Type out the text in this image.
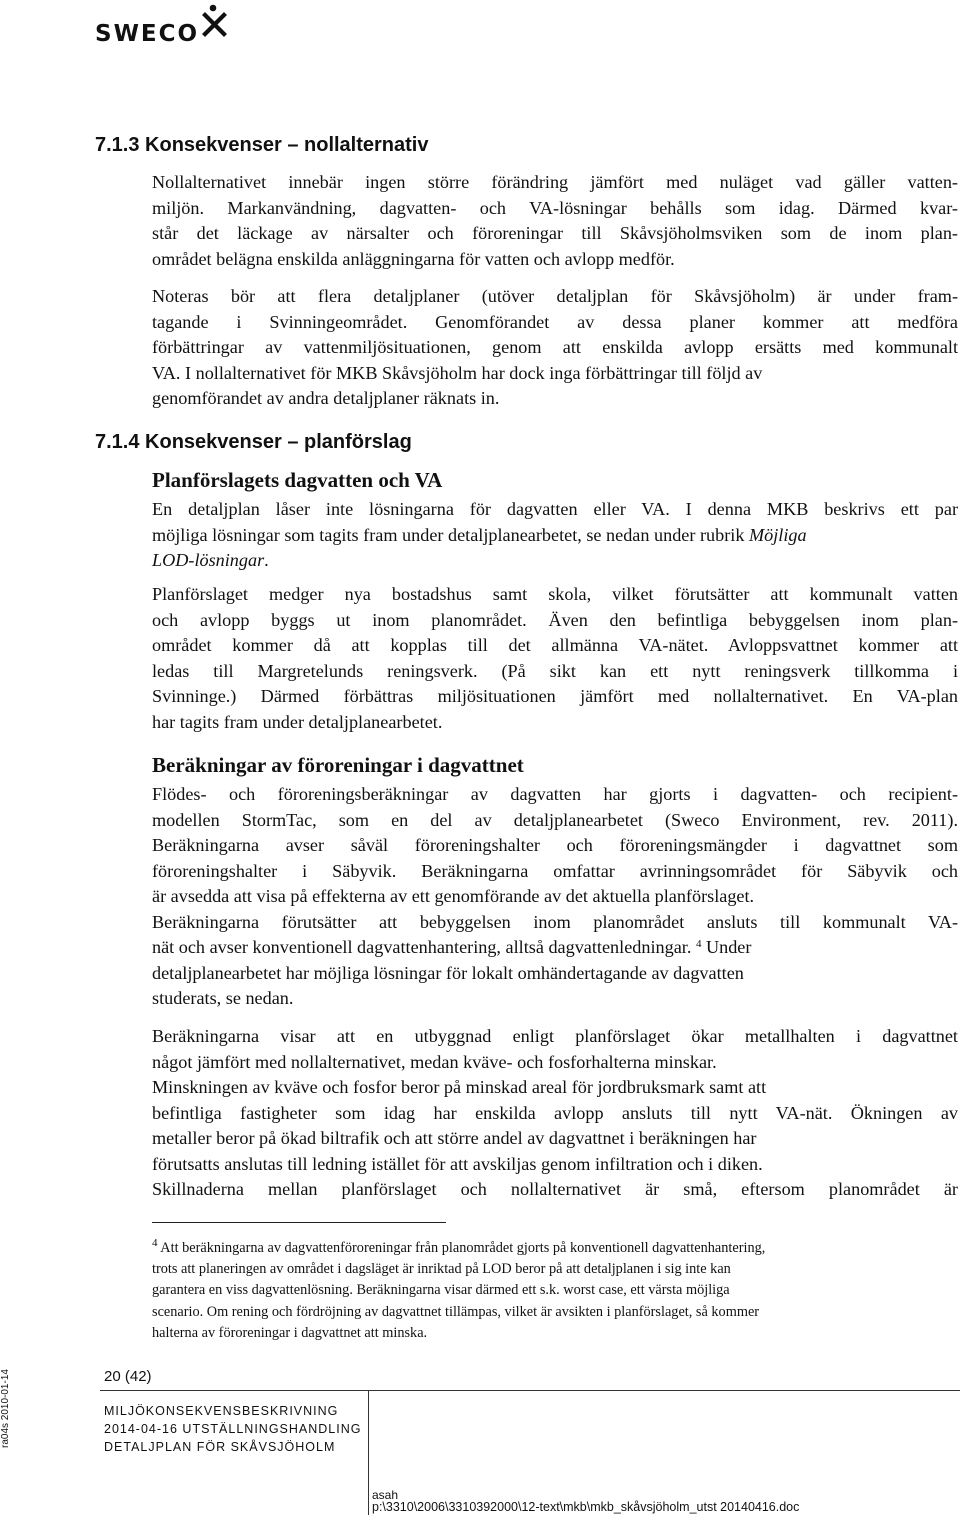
SWECO
7.1.3 Konsekvenser – nollalternativ
Nollalternativet innebär ingen större förändring jämfört med nuläget vad gäller vatten-
miljön. Markanvändning, dagvatten- och VA-lösningar behålls som idag. Därmed kvar-
står det läckage av närsalter och föroreningar till Skåvsjöholmsviken som de inom plan-
området belägna enskilda anläggningarna för vatten och avlopp medför.
Noteras bör att flera detaljplaner (utöver detaljplan för Skåvsjöholm) är under fram-
tagande i Svinningeområdet. Genomförandet av dessa planer kommer att medföra
förbättringar av vattenmiljösituationen, genom att enskilda avlopp ersätts med kommunalt
VA. I nollalternativet för MKB Skåvsjöholm har dock inga förbättringar till följd av
genomförandet av andra detaljplaner räknats in.
7.1.4 Konsekvenser – planförslag
Planförslagets dagvatten och VA
En detaljplan låser inte lösningarna för dagvatten eller VA. I denna MKB beskrivs ett par
möjliga lösningar som tagits fram under detaljplanearbetet, se nedan under rubrik Möjliga
LOD-lösningar.
Planförslaget medger nya bostadshus samt skola, vilket förutsätter att kommunalt vatten
och avlopp byggs ut inom planområdet. Även den befintliga bebyggelsen inom plan-
området kommer då att kopplas till det allmänna VA-nätet. Avloppsvattnet kommer att
ledas till Margretelunds reningsverk. (På sikt kan ett nytt reningsverk tillkomma i
Svinninge.) Därmed förbättras miljösituationen jämfört med nollalternativet. En VA-plan
har tagits fram under detaljplanearbetet.
Beräkningar av föroreningar i dagvattnet
Flödes- och föroreningsberäkningar av dagvatten har gjorts i dagvatten- och recipient-
modellen StormTac, som en del av detaljplanearbetet (Sweco Environment, rev. 2011).
Beräkningarna avser såväl föroreningshalter och föroreningsmängder i dagvattnet som
föroreningshalter i Säbyvik. Beräkningarna omfattar avrinningsområdet för Säbyvik och
är avsedda att visa på effekterna av ett genomförande av det aktuella planförslaget.
Beräkningarna förutsätter att bebyggelsen inom planområdet ansluts till kommunalt VA-
nät och avser konventionell dagvattenhantering, alltså dagvattenledningar. $^4$ Under
detaljplanearbetet har möjliga lösningar för lokalt omhändertagande av dagvatten
studerats, se nedan.
Beräkningarna visar att en utbyggnad enligt planförslaget ökar metallhalten i dagvattnet
något jämfört med nollalternativet, medan kväve- och fosforhalterna minskar.
Minskningen av kväve och fosfor beror på minskad areal för jordbruksmark samt att
befintliga fastigheter som idag har enskilda avlopp ansluts till nytt VA-nät. Ökningen av
metaller beror på ökad biltrafik och att större andel av dagvattnet i beräkningen har
förutsatts anslutas till ledning istället för att avskiljas genom infiltration och i diken.
Skillnaderna mellan planförslaget och nollalternativet är små, eftersom planområdet är
$^4$ Att beräkningarna av dagvattenföroreningar från planområdet gjorts på konventionell dagvattenhantering,
trots att planeringen av området i dagsläget är inriktad på LOD beror på att detaljplanen i sig inte kan
garantera en viss dagvattenlösning. Beräkningarna visar därmed ett s.k. worst case, ett värsta möjliga
scenario. Om rening och fördröjning av dagvattnet tillämpas, vilket är avsikten i planförslaget, så kommer
halterna av föroreningar i dagvattnet att minska.
20 (42)
ra04s 2010-01-14	MILJÖKONSEKVENSBESKRIVNING
2014-04-16 UTSTÄLLNINGSHANDLING
DETALJPLAN FÖR SKÅVSJÖHOLM
asah
p:\3310\2006\3310392000\12-text\mkb\mkb_skåvsjöholm_utst 20140416.doc
